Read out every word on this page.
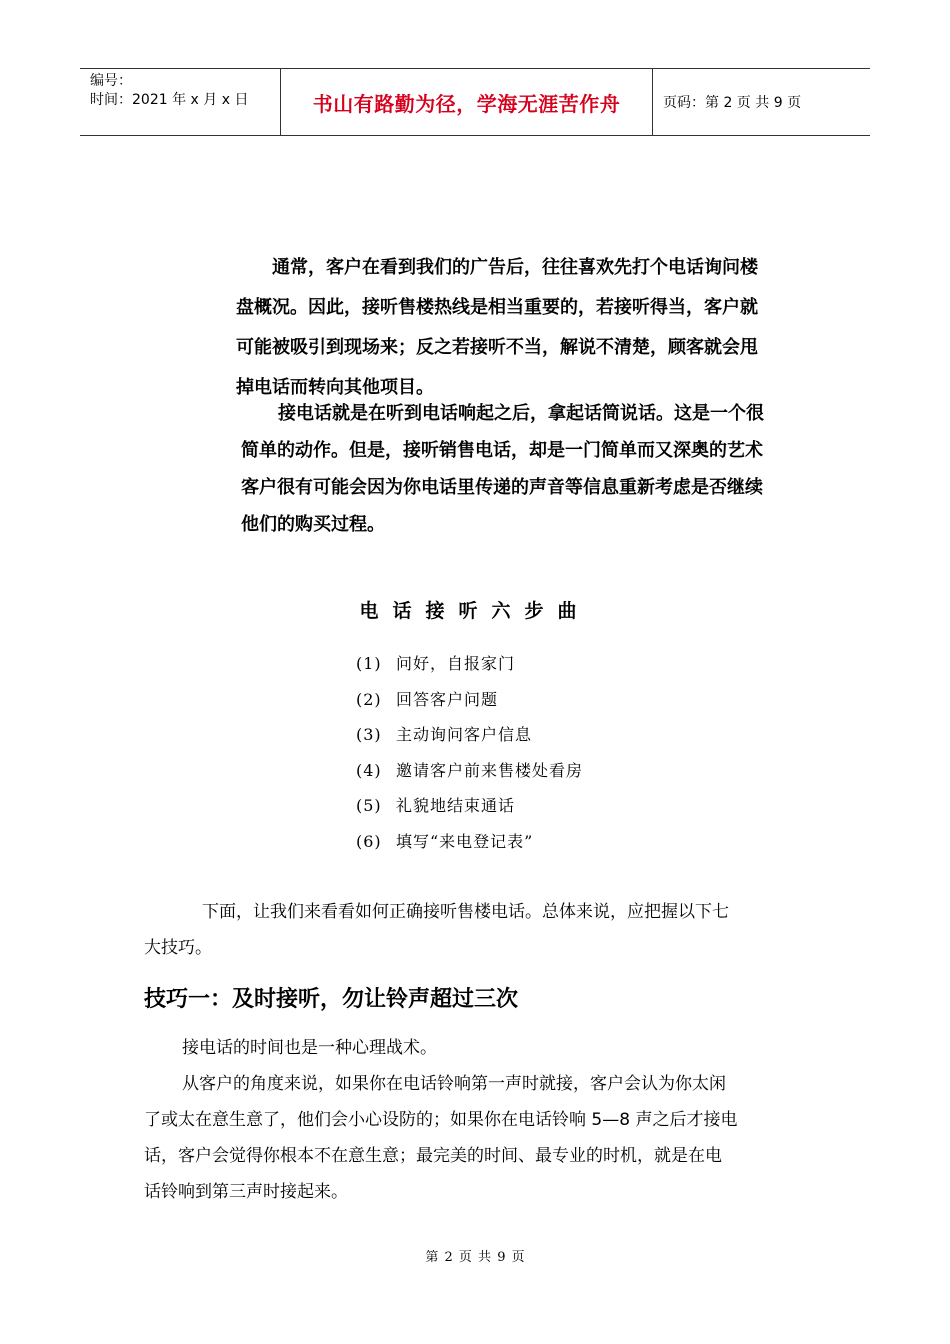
编号：
时间：2021 年 x 月 x 日	书山有路勤为径，学海无涯苦作舟	页码：第 2 页 共 9 页
通常，客户在看到我们的广告后，往往喜欢先打个电话询问楼
盘概况。因此，接听售楼热线是相当重要的，若接听得当，客户就
可能被吸引到现场来；反之若接听不当，解说不清楚，顾客就会甩
掉电话而转向其他项目。
接电话就是在听到电话响起之后，拿起话筒说话。这是一个很
简单的动作。但是，接听销售电话，却是一门简单而又深奥的艺术
客户很有可能会因为你电话里传递的声音等信息重新考虑是否继续
他们的购买过程。
电话接听六步曲
(1) 问好，自报家门
(2) 回答客户问题
(3) 主动询问客户信息
(4) 邀请客户前来售楼处看房
(5) 礼貌地结束通话
(6) 填写“来电登记表”
下面，让我们来看看如何正确接听售楼电话。总体来说，应把握以下七
大技巧。
技巧一：及时接听，勿让铃声超过三次
接电话的时间也是一种心理战术。
从客户的角度来说，如果你在电话铃响第一声时就接，客户会认为你太闲
了或太在意生意了，他们会小心设防的；如果你在电话铃响 5—8 声之后才接电
话，客户会觉得你根本不在意生意；最完美的时间、最专业的时机，就是在电
话铃响到第三声时接起来。
第 2 页 共 9 页
